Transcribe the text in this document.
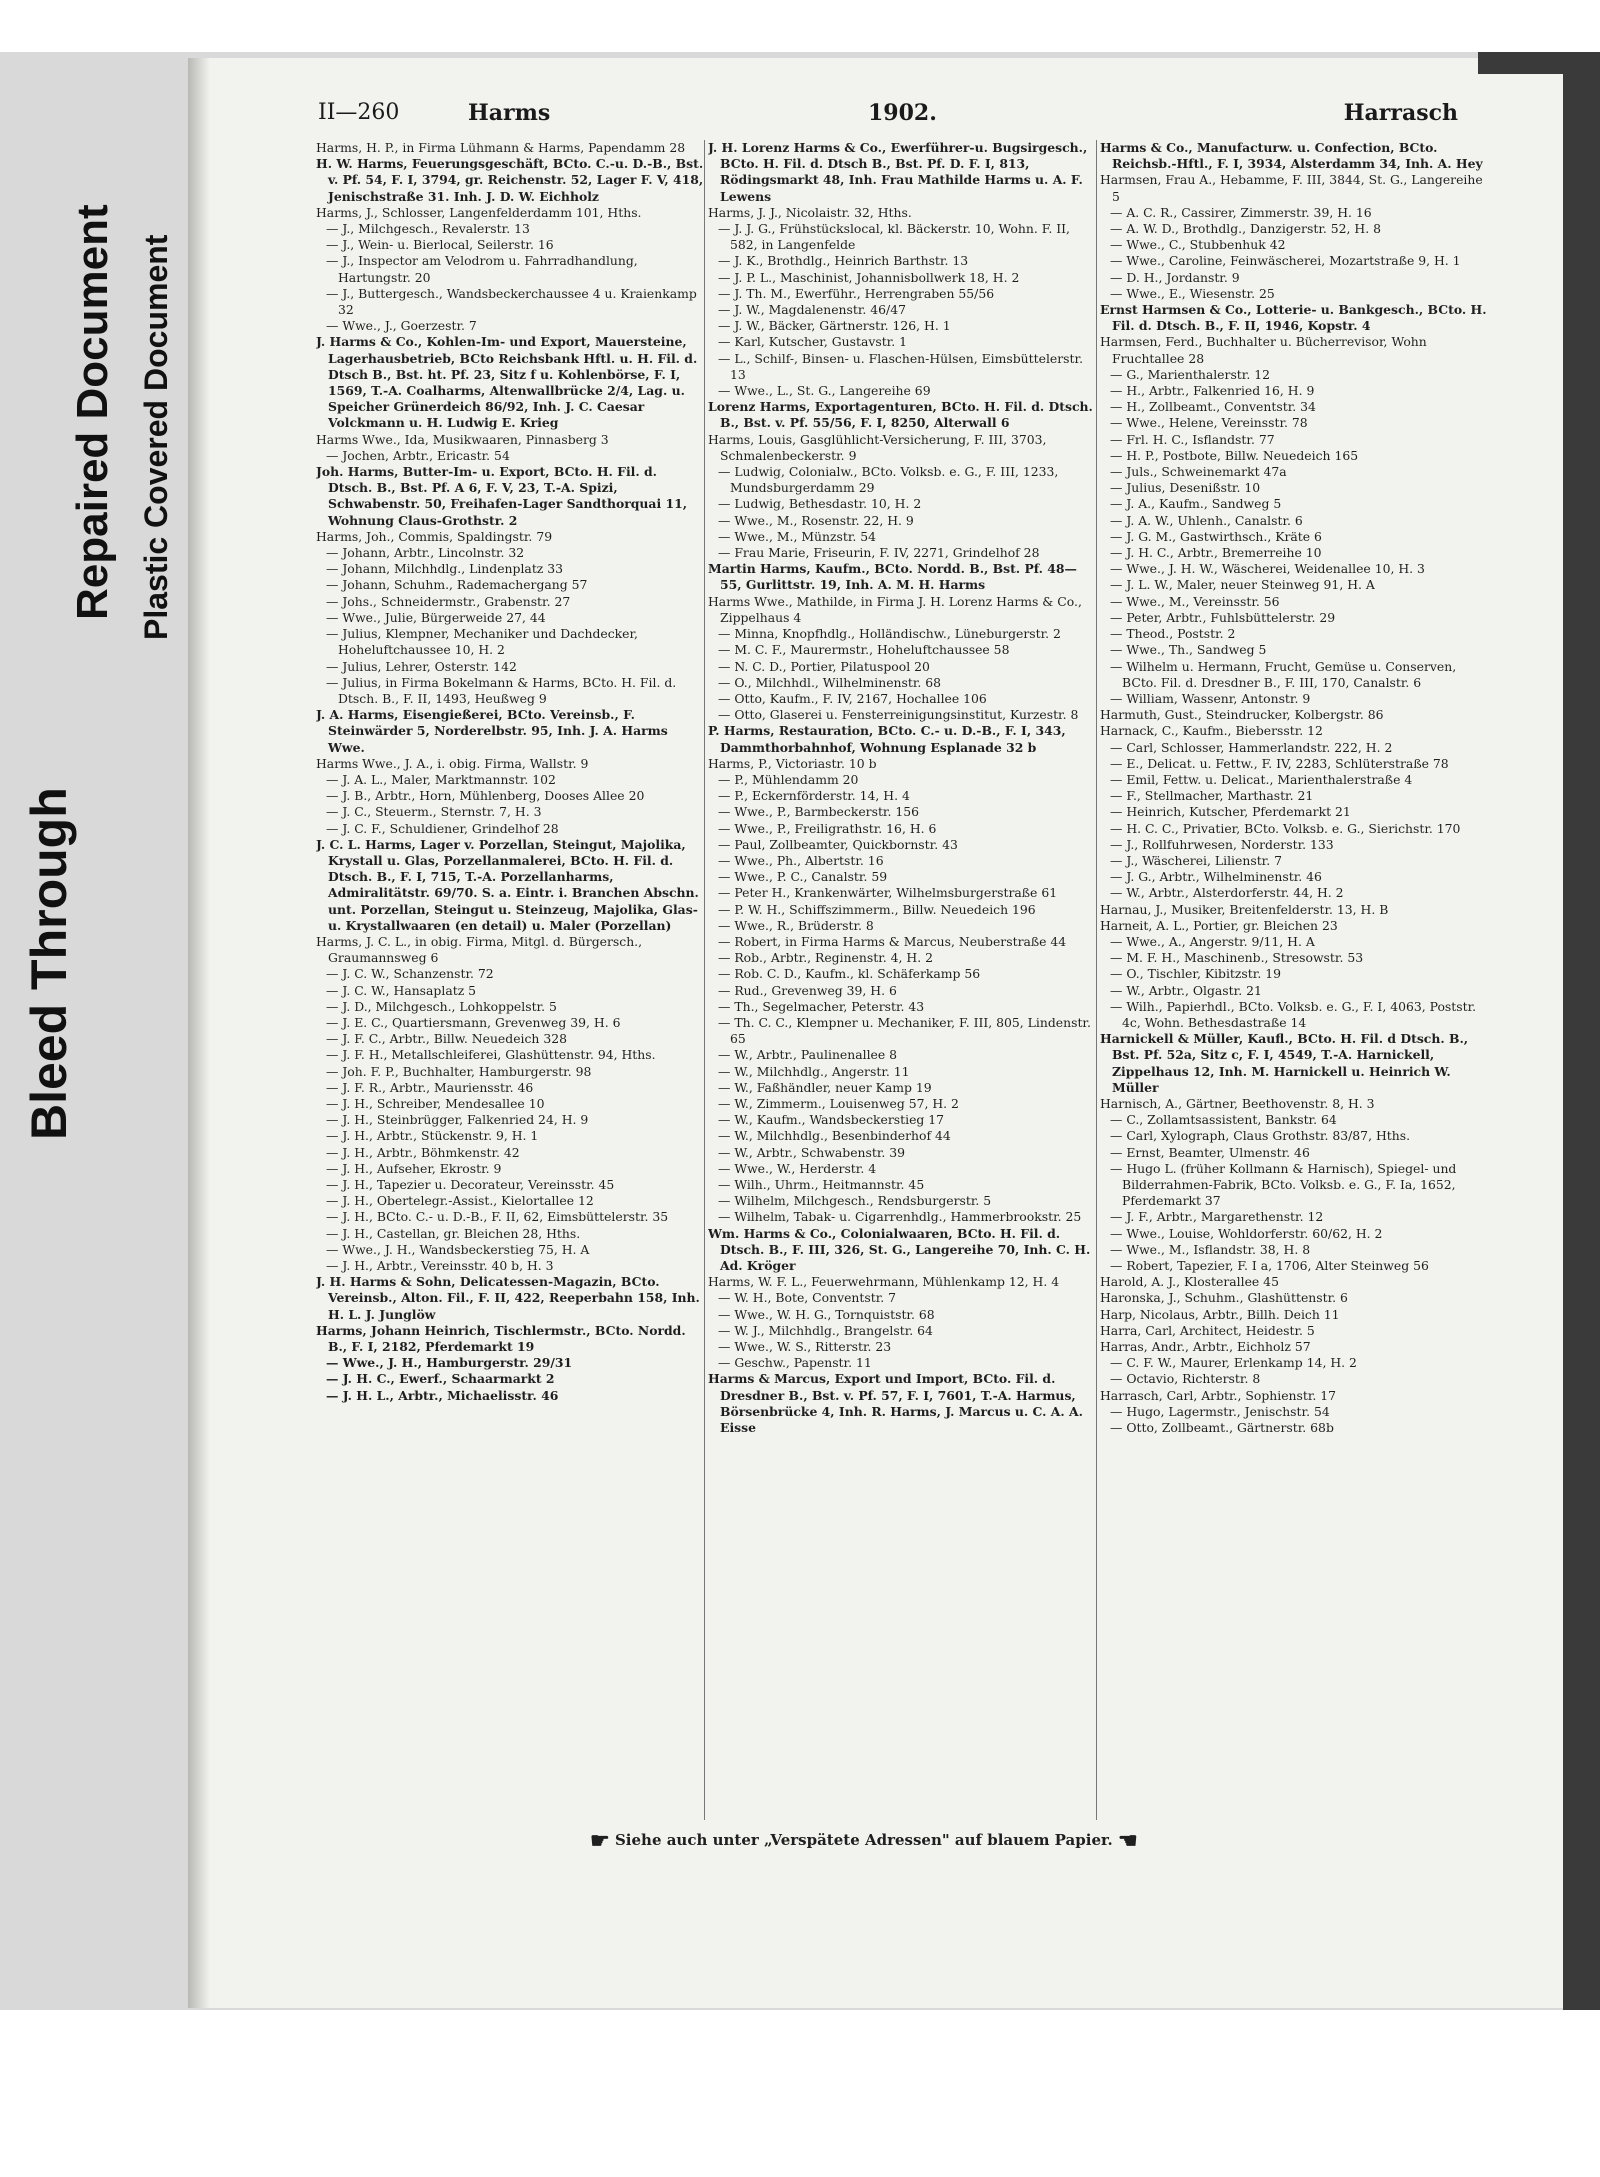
Bleed Through
Repaired Document Plastic Covered Document
II—260	Harms	1902.	Harrasch

Harms, H. P., in Firma Lühmann & Harms, Papendamm 28

H. W. Harms, Feuerungsgeschäft, BCto. C.-u. D.-B., Bst. v. Pf. 54, F. I, 3794, gr. Reichenstr. 52, Lager F. V, 418, Jenischstraße 31. Inh. J. D. W. Eichholz

Harms, J., Schlosser, Langenfelderdamm 101, Hths.

— J., Milchgesch., Revalerstr. 13

— J., Wein- u. Bierlocal, Seilerstr. 16

— J., Inspector am Velodrom u. Fahrradhandlung, Hartungstr. 20

— J., Buttergesch., Wandsbeckerchaussee 4 u. Kraienkamp 32

— Wwe., J., Goerzestr. 7

J. Harms & Co., Kohlen-Im- und Export, Mauersteine, Lagerhausbetrieb, BCto Reichsbank Hftl. u. H. Fil. d. Dtsch B., Bst. ht. Pf. 23, Sitz f u. Kohlenbörse, F. I, 1569, T.-A. Coalharms, Altenwallbrücke 2/4, Lag. u. Speicher Grünerdeich 86/92, Inh. J. C. Caesar Volckmann u. H. Ludwig E. Krieg

Harms Wwe., Ida, Musikwaaren, Pinnasberg 3

— Jochen, Arbtr., Ericastr. 54

Joh. Harms, Butter-Im- u. Export, BCto. H. Fil. d. Dtsch. B., Bst. Pf. A 6, F. V, 23, T.-A. Spizi, Schwabenstr. 50, Freihafen-Lager Sandthorquai 11, Wohnung Claus-Grothstr. 2

Harms, Joh., Commis, Spaldingstr. 79

— Johann, Arbtr., Lincolnstr. 32

— Johann, Milchhdlg., Lindenplatz 33

— Johann, Schuhm., Rademachergang 57

— Johs., Schneidermstr., Grabenstr. 27

— Wwe., Julie, Bürgerweide 27, 44

— Julius, Klempner, Mechaniker und Dachdecker, Hoheluftchaussee 10, H. 2

— Julius, Lehrer, Osterstr. 142

— Julius, in Firma Bokelmann & Harms, BCto. H. Fil. d. Dtsch. B., F. II, 1493, Heußweg 9

J. A. Harms, Eisengießerei, BCto. Vereinsb., F. Steinwärder 5, Norderelbstr. 95, Inh. J. A. Harms Wwe.

Harms Wwe., J. A., i. obig. Firma, Wallstr. 9

— J. A. L., Maler, Marktmannstr. 102

— J. B., Arbtr., Horn, Mühlenberg, Dooses Allee 20

— J. C., Steuerm., Sternstr. 7, H. 3

— J. C. F., Schuldiener, Grindelhof 28

J. C. L. Harms, Lager v. Porzellan, Steingut, Majolika, Krystall u. Glas, Porzellanmalerei, BCto. H. Fil. d. Dtsch. B., F. I, 715, T.-A. Porzellanharms, Admiralitätstr. 69/70. S. a. Eintr. i. Branchen Abschn. unt. Porzellan, Steingut u. Steinzeug, Majolika, Glas- u. Krystallwaaren (en detail) u. Maler (Porzellan)

Harms, J. C. L., in obig. Firma, Mitgl. d. Bürgersch., Graumannsweg 6

— J. C. W., Schanzenstr. 72

— J. C. W., Hansaplatz 5

— J. D., Milchgesch., Lohkoppelstr. 5

— J. E. C., Quartiersmann, Grevenweg 39, H. 6

— J. F. C., Arbtr., Billw. Neuedeich 328

— J. F. H., Metallschleiferei, Glashüttenstr. 94, Hths.

— Joh. F. P., Buchhalter, Hamburgerstr. 98

— J. F. R., Arbtr., Mauriensstr. 46

— J. H., Schreiber, Mendesallee 10

— J. H., Steinbrügger, Falkenried 24, H. 9

— J. H., Arbtr., Stückenstr. 9, H. 1

— J. H., Arbtr., Böhmkenstr. 42

— J. H., Aufseher, Ekrostr. 9

— J. H., Tapezier u. Decorateur, Vereinsstr. 45

— J. H., Obertelegr.-Assist., Kielortallee 12

— J. H., BCto. C.- u. D.-B., F. II, 62, Eimsbüttelerstr. 35

— J. H., Castellan, gr. Bleichen 28, Hths.

— Wwe., J. H., Wandsbeckerstieg 75, H. A

— J. H., Arbtr., Vereinsstr. 40 b, H. 3

J. H. Harms & Sohn, Delicatessen-Magazin, BCto. Vereinsb., Alton. Fil., F. II, 422, Reeperbahn 158, Inh. H. L. J. Junglöw

Harms, Johann Heinrich, Tischlermstr., BCto. Nordd. B., F. I, 2182, Pferdemarkt 19

— Wwe., J. H., Hamburgerstr. 29/31

— J. H. C., Ewerf., Schaarmarkt 2

— J. H. L., Arbtr., Michaelisstr. 46

J. H. Lorenz Harms & Co., Ewerführer-u. Bugsirgesch., BCto. H. Fil. d. Dtsch B., Bst. Pf. D. F. I, 813, Rödingsmarkt 48, Inh. Frau Mathilde Harms u. A. F. Lewens

Harms, J. J., Nicolaistr. 32, Hths.

— J. J. G., Frühstückslocal, kl. Bäckerstr. 10, Wohn. F. II, 582, in Langenfelde

— J. K., Brothdlg., Heinrich Barthstr. 13

— J. P. L., Maschinist, Johannisbollwerk 18, H. 2

— J. Th. M., Ewerführ., Herrengraben 55/56

— J. W., Magdalenenstr. 46/47

— J. W., Bäcker, Gärtnerstr. 126, H. 1

— Karl, Kutscher, Gustavstr. 1

— L., Schilf-, Binsen- u. Flaschen-Hülsen, Eimsbüttelerstr. 13

— Wwe., L., St. G., Langereihe 69

Lorenz Harms, Exportagenturen, BCto. H. Fil. d. Dtsch. B., Bst. v. Pf. 55/56, F. I, 8250, Alterwall 6

Harms, Louis, Gasglühlicht-Versicherung, F. III, 3703, Schmalenbeckerstr. 9

— Ludwig, Colonialw., BCto. Volksb. e. G., F. III, 1233, Mundsburgerdamm 29

— Ludwig, Bethesdastr. 10, H. 2

— Wwe., M., Rosenstr. 22, H. 9

— Wwe., M., Münzstr. 54

— Frau Marie, Friseurin, F. IV, 2271, Grindelhof 28

Martin Harms, Kaufm., BCto. Nordd. B., Bst. Pf. 48—55, Gurlittstr. 19, Inh. A. M. H. Harms

Harms Wwe., Mathilde, in Firma J. H. Lorenz Harms & Co., Zippelhaus 4

— Minna, Knopfhdlg., Holländischw., Lüneburgerstr. 2

— M. C. F., Maurermstr., Hoheluftchaussee 58

— N. C. D., Portier, Pilatuspool 20

— O., Milchhdl., Wilhelminenstr. 68

— Otto, Kaufm., F. IV, 2167, Hochallee 106

— Otto, Glaserei u. Fensterreinigungsinstitut, Kurzestr. 8

P. Harms, Restauration, BCto. C.- u. D.-B., F. I, 343, Dammthorbahnhof, Wohnung Esplanade 32 b

Harms, P., Victoriastr. 10 b

— P., Mühlendamm 20

— P., Eckernförderstr. 14, H. 4

— Wwe., P., Barmbeckerstr. 156

— Wwe., P., Freiligrathstr. 16, H. 6

— Paul, Zollbeamter, Quickbornstr. 43

— Wwe., Ph., Albertstr. 16

— Wwe., P. C., Canalstr. 59

— Peter H., Krankenwärter, Wilhelmsburgerstraße 61

— P. W. H., Schiffszimmerm., Billw. Neuedeich 196

— Wwe., R., Brüderstr. 8

— Robert, in Firma Harms & Marcus, Neuberstraße 44

— Rob., Arbtr., Reginenstr. 4, H. 2

— Rob. C. D., Kaufm., kl. Schäferkamp 56

— Rud., Grevenweg 39, H. 6

— Th., Segelmacher, Peterstr. 43

— Th. C. C., Klempner u. Mechaniker, F. III, 805, Lindenstr. 65

— W., Arbtr., Paulinenallee 8

— W., Milchhdlg., Angerstr. 11

— W., Faßhändler, neuer Kamp 19

— W., Zimmerm., Louisenweg 57, H. 2

— W., Kaufm., Wandsbeckerstieg 17

— W., Milchhdlg., Besenbinderhof 44

— W., Arbtr., Schwabenstr. 39

— Wwe., W., Herderstr. 4

— Wilh., Uhrm., Heitmannstr. 45

— Wilhelm, Milchgesch., Rendsburgerstr. 5

— Wilhelm, Tabak- u. Cigarrenhdlg., Hammerbrookstr. 25

Wm. Harms & Co., Colonialwaaren, BCto. H. Fil. d. Dtsch. B., F. III, 326, St. G., Langereihe 70, Inh. C. H. Ad. Kröger

Harms, W. F. L., Feuerwehrmann, Mühlenkamp 12, H. 4

— W. H., Bote, Conventstr. 7

— Wwe., W. H. G., Tornquiststr. 68

— W. J., Milchhdlg., Brangelstr. 64

— Wwe., W. S., Ritterstr. 23

— Geschw., Papenstr. 11

Harms & Marcus, Export und Import, BCto. Fil. d. Dresdner B., Bst. v. Pf. 57, F. I, 7601, T.-A. Harmus, Börsenbrücke 4, Inh. R. Harms, J. Marcus u. C. A. A. Eisse

Harms & Co., Manufacturw. u. Confection, BCto. Reichsb.-Hftl., F. I, 3934, Alsterdamm 34, Inh. A. Hey

Harmsen, Frau A., Hebamme, F. III, 3844, St. G., Langereihe 5

— A. C. R., Cassirer, Zimmerstr. 39, H. 16

— A. W. D., Brothdlg., Danzigerstr. 52, H. 8

— Wwe., C., Stubbenhuk 42

— Wwe., Caroline, Feinwäscherei, Mozartstraße 9, H. 1

— D. H., Jordanstr. 9

— Wwe., E., Wiesenstr. 25

Ernst Harmsen & Co., Lotterie- u. Bankgesch., BCto. H. Fil. d. Dtsch. B., F. II, 1946, Kopstr. 4

Harmsen, Ferd., Buchhalter u. Bücherrevisor, Wohn Fruchtallee 28

— G., Marienthalerstr. 12

— H., Arbtr., Falkenried 16, H. 9

— H., Zollbeamt., Conventstr. 34

— Wwe., Helene, Vereinsstr. 78

— Frl. H. C., Isflandstr. 77

— H. P., Postbote, Billw. Neuedeich 165

— Juls., Schweinemarkt 47a

— Julius, Desenißstr. 10

— J. A., Kaufm., Sandweg 5

— J. A. W., Uhlenh., Canalstr. 6

— J. G. M., Gastwirthsch., Kräte 6

— J. H. C., Arbtr., Bremerreihe 10

— Wwe., J. H. W., Wäscherei, Weidenallee 10, H. 3

— J. L. W., Maler, neuer Steinweg 91, H. A

— Wwe., M., Vereinsstr. 56

— Peter, Arbtr., Fuhlsbüttelerstr. 29

— Theod., Poststr. 2

— Wwe., Th., Sandweg 5

— Wilhelm u. Hermann, Frucht, Gemüse u. Conserven, BCto. Fil. d. Dresdner B., F. III, 170, Canalstr. 6

— William, Wassenr, Antonstr. 9

Harmuth, Gust., Steindrucker, Kolbergstr. 86

Harnack, C., Kaufm., Biebersstr. 12

— Carl, Schlosser, Hammerlandstr. 222, H. 2

— E., Delicat. u. Fettw., F. IV, 2283, Schlüterstraße 78

— Emil, Fettw. u. Delicat., Marienthalerstraße 4

— F., Stellmacher, Marthastr. 21

— Heinrich, Kutscher, Pferdemarkt 21

— H. C. C., Privatier, BCto. Volksb. e. G., Sierichstr. 170

— J., Rollfuhrwesen, Norderstr. 133

— J., Wäscherei, Lilienstr. 7

— J. G., Arbtr., Wilhelminenstr. 46

— W., Arbtr., Alsterdorferstr. 44, H. 2

Harnau, J., Musiker, Breitenfelderstr. 13, H. B

Harneit, A. L., Portier, gr. Bleichen 23

— Wwe., A., Angerstr. 9/11, H. A

— M. F. H., Maschinenb., Stresowstr. 53

— O., Tischler, Kibitzstr. 19

— W., Arbtr., Olgastr. 21

— Wilh., Papierhdl., BCto. Volksb. e. G., F. I, 4063, Poststr. 4c, Wohn. Bethesdastraße 14

Harnickell & Müller, Kaufl., BCto. H. Fil. d Dtsch. B., Bst. Pf. 52a, Sitz c, F. I, 4549, T.-A. Harnickell, Zippelhaus 12, Inh. M. Harnickell u. Heinrich W. Müller

Harnisch, A., Gärtner, Beethovenstr. 8, H. 3

— C., Zollamtsassistent, Bankstr. 64

— Carl, Xylograph, Claus Grothstr. 83/87, Hths.

— Ernst, Beamter, Ulmenstr. 46

— Hugo L. (früher Kollmann & Harnisch), Spiegel- und Bilderrahmen-Fabrik, BCto. Volksb. e. G., F. Ia, 1652, Pferdemarkt 37

— J. F., Arbtr., Margarethenstr. 12

— Wwe., Louise, Wohldorferstr. 60/62, H. 2

— Wwe., M., Isflandstr. 38, H. 8

— Robert, Tapezier, F. I a, 1706, Alter Steinweg 56

Harold, A. J., Klosterallee 45

Haronska, J., Schuhm., Glashüttenstr. 6

Harp, Nicolaus, Arbtr., Billh. Deich 11

Harra, Carl, Architect, Heidestr. 5

Harras, Andr., Arbtr., Eichholz 57

— C. F. W., Maurer, Erlenkamp 14, H. 2

— Octavio, Richterstr. 8

Harrasch, Carl, Arbtr., Sophienstr. 17

— Hugo, Lagermstr., Jenischstr. 54

— Otto, Zollbeamt., Gärtnerstr. 68b

☛ Siehe auch unter „Verspätete Adressen" auf blauem Papier. ☚
